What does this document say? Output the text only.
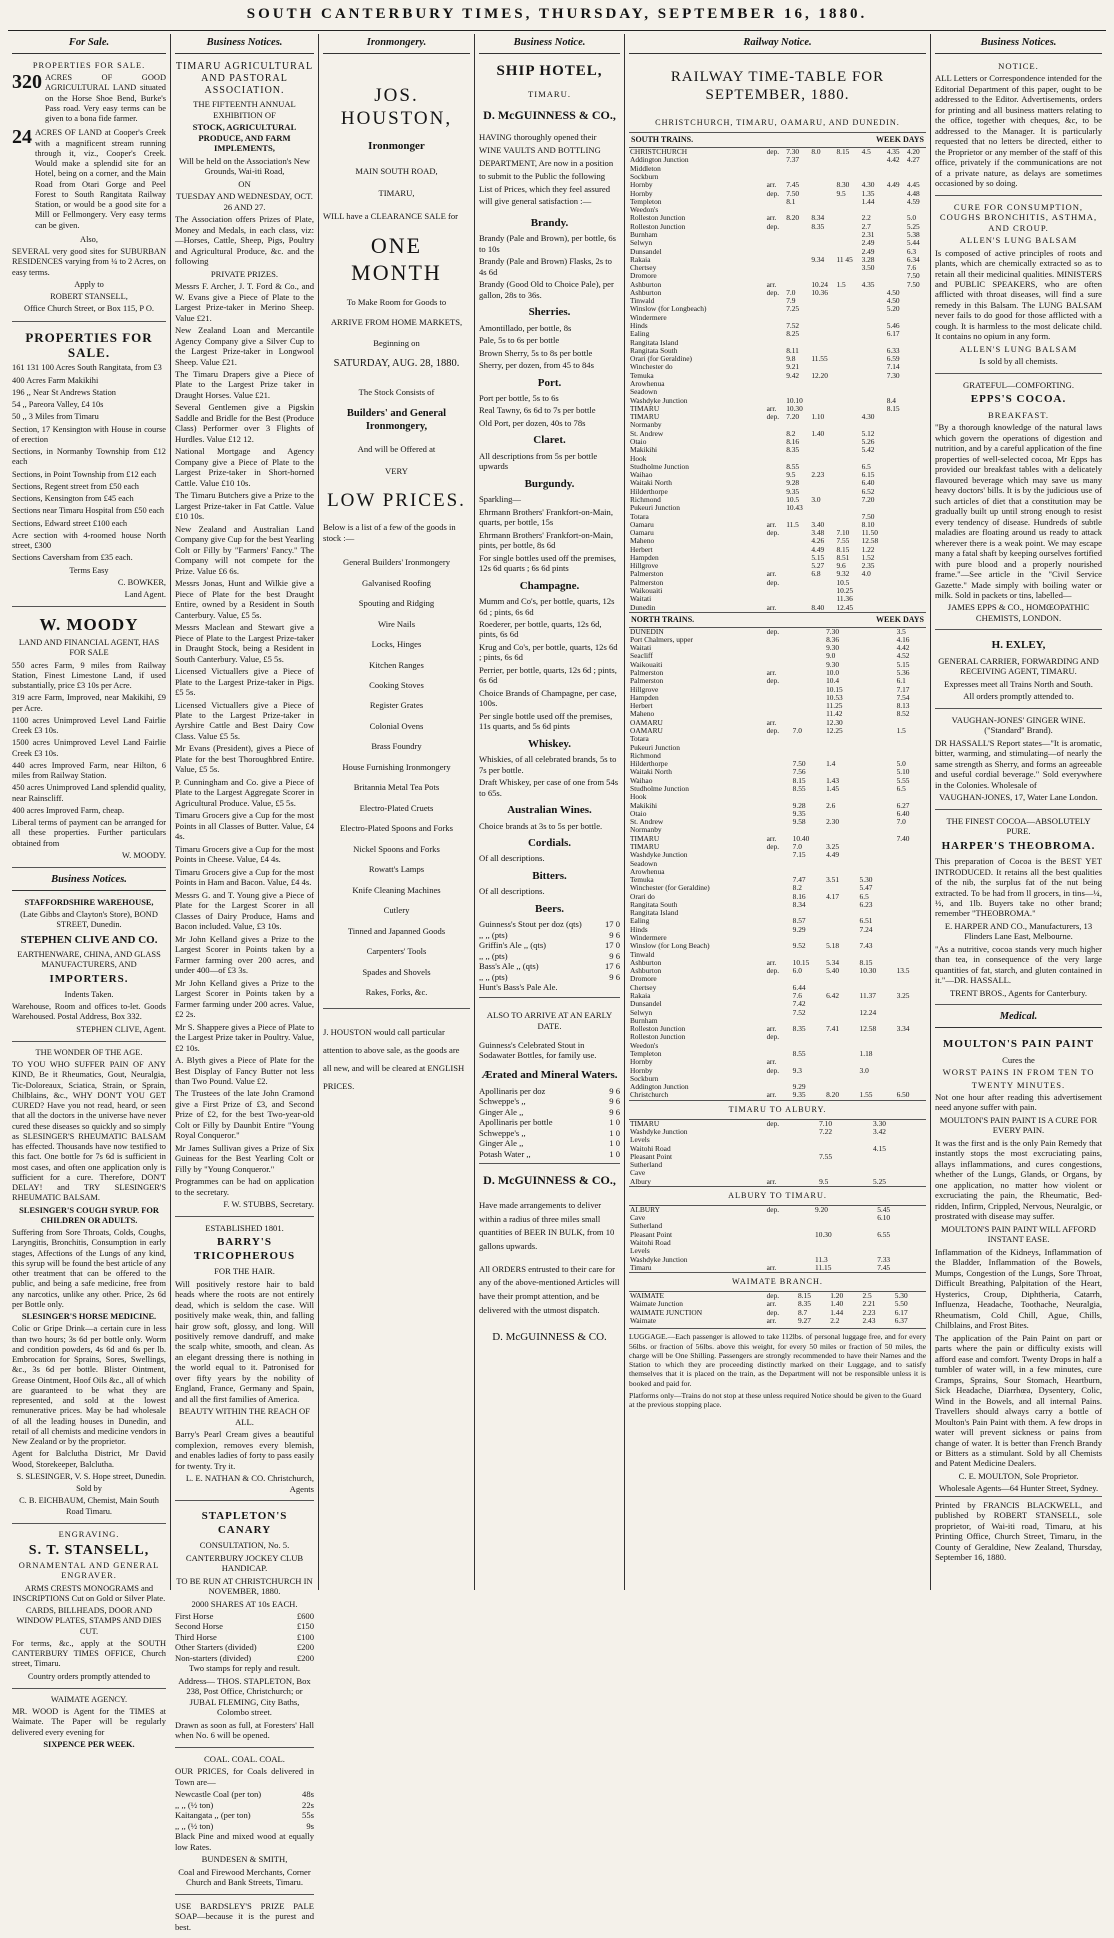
SOUTH CANTERBURY TIMES, THURSDAY, SEPTEMBER 16, 1880.
For Sale.
PROPERTIES FOR SALE.
320 ACRES OF GOOD AGRICULTURAL LAND situated on the Horse Shoe Bend, Burke's Pass road. Very easy terms can be given to a bona fide farmer.

24 ACRES OF LAND at Cooper's Creek with a magnificent stream running through it, viz., Cooper's Creek. Would make a splendid site for an Hotel, being on a corner, and the Main Road from Otari Gorge and Peel Forest to South Rangitata Railway Station, or would be a good site for a Mill or Fellmongery. Very easy terms can be given.

Also,

SEVERAL very good sites for SUBURBAN RESIDENCES varying from ¼ to 2 Acres, on easy terms.

Apply to

ROBERT STANSELL,

Office Church Street, or Box 115, P O.

PROPERTIES FOR SALE.

161 131 100 Acres South Rangitata, from £3

400 Acres Farm Makikihi

196 ,, Near St Andrews Station

54 ,, Pareora Valley, £4 10s

50 ,, 3 Miles from Timaru

Section, 17 Kensington with House in course of erection

Sections, in Normanby Township from £12 each

Sections, in Point Township from £12 each

Sections, Regent street from £50 each

Sections, Kensington from £45 each

Sections near Timaru Hospital from £50 each

Sections, Edward street £100 each

Acre section with 4-roomed house North street, £300

Sections Caversham from £35 each.

Terms Easy

C. BOWKER,

Land Agent.

W. MOODY

LAND AND FINANCIAL AGENT, HAS FOR SALE

550 acres Farm, 9 miles from Railway Station, Finest Limestone Land, if used substantially, price £3 10s per Acre.

319 acre Farm, Improved, near Makikihi, £9 per Acre.

1100 acres Unimproved Level Land Fairlie Creek £3 10s.

1500 acres Unimproved Level Land Fairlie Creek £3 10s.

440 acres Improved Farm, near Hilton, 6 miles from Railway Station.

450 acres Unimproved Land splendid quality, near Rainscliff.

400 acres Improved Farm, cheap.

Liberal terms of payment can be arranged for all these properties. Further particulars obtained from

W. MOODY.

Business Notices.

STAFFORDSHIRE WAREHOUSE,

(Late Gibbs and Clayton's Store), BOND STREET, Dunedin.

STEPHEN CLIVE AND CO.

EARTHENWARE, CHINA, AND GLASS MANUFACTURERS, AND

IMPORTERS.

Indents Taken.

Warehouse, Room and offices to-let. Goods Warehoused. Postal Address, Box 332.

STEPHEN CLIVE, Agent.

THE WONDER OF THE AGE.

TO YOU WHO SUFFER PAIN OF ANY KIND, Be it Rheumatics, Gout, Neuralgia, Tic-Doloreaux, Sciatica, Strain, or Sprain, Chilblains, &c., WHY DON'T YOU GET CURED? Have you not read, heard, or seen that all the doctors in the universe have never cured these diseases so quickly and so simply as SLESINGER'S RHEUMATIC BALSAM has effected. Thousands have now testified to this fact. One bottle for 7s 6d is sufficient in most cases, and often one application only is sufficient for a cure. Therefore, DON'T DELAY! and TRY SLESINGER'S RHEUMATIC BALSAM.

SLESINGER'S COUGH SYRUP. FOR CHILDREN OR ADULTS.

Suffering from Sore Throats, Colds, Coughs, Laryngitis, Bronchitis, Consumption in early stages, Affections of the Lungs of any kind, this syrup will be found the best article of any other treatment that can be offered to the public, and being a safe medicine, free from any narcotics, unlike any other. Price, 2s 6d per Bottle only.

SLESINGER'S HORSE MEDICINE.

Colic or Gripe Drink—a certain cure in less than two hours; 3s 6d per bottle only. Worm and condition powders, 4s 6d and 6s per lb. Embrocation for Sprains, Sores, Swellings, &c., 3s 6d per bottle. Blister Ointment, Grease Ointment, Hoof Oils &c., all of which are guaranteed to be what they are represented, and sold at the lowest remunerative prices. May be had wholesale of all the leading houses in Dunedin, and retail of all chemists and medicine vendors in New Zealand or by the proprietor.

Agent for Balclutha District, Mr David Wood, Storekeeper, Balclutha.

S. SLESINGER, V. S. Hope street, Dunedin.

Sold by

C. B. EICHBAUM, Chemist, Main South Road Timaru.

ENGRAVING.

S. T. STANSELL,

ORNAMENTAL AND GENERAL ENGRAVER.

ARMS CRESTS MONOGRAMS and INSCRIPTIONS Cut on Gold or Silver Plate.

CARDS, BILLHEADS, DOOR AND WINDOW PLATES, STAMPS AND DIES CUT.

For terms, &c., apply at the SOUTH CANTERBURY TIMES OFFICE, Church street, Timaru.

Country orders promptly attended to

WAIMATE AGENCY.

MR. WOOD is Agent for the TIMES at Waimate. The Paper will be regularly delivered every evening for

SIXPENCE PER WEEK.

Business Notices.

TIMARU AGRICULTURAL AND PASTORAL ASSOCIATION.

THE FIFTEENTH ANNUAL EXHIBITION OF

STOCK, AGRICULTURAL PRODUCE, AND FARM IMPLEMENTS,

Will be held on the Association's New Grounds, Wai-iti Road,

ON

TUESDAY AND WEDNESDAY, OCT. 26 AND 27.

The Association offers Prizes of Plate, Money and Medals, in each class, viz:—Horses, Cattle, Sheep, Pigs, Poultry and Agricultural Produce, &c. and the following

PRIVATE PRIZES.

Messrs F. Archer, J. T. Ford & Co., and W. Evans give a Piece of Plate to the Largest Prize-taker in Merino Sheep. Value £21.

New Zealand Loan and Mercantile Agency Company give a Silver Cup to the Largest Prize-taker in Longwool Sheep. Value £21.

The Timaru Drapers give a Piece of Plate to the Largest Prize taker in Draught Horses. Value £21.

Several Gentlemen give a Pigskin Saddle and Bridle for the Best (Produce Class) Performer over 3 Flights of Hurdles. Value £12 12.

National Mortgage and Agency Company give a Piece of Plate to the Largest Prize-taker in Short-horned Cattle. Value £10 10s.

The Timaru Butchers give a Prize to the Largest Prize-taker in Fat Cattle. Value £10 10s.

New Zealand and Australian Land Company give Cup for the best Yearling Colt or Filly by "Farmers' Fancy." The Company will not compete for the Prize. Value £6 6s.

Messrs Jonas, Hunt and Wilkie give a Piece of Plate for the best Draught Entire, owned by a Resident in South Canterbury. Value, £5 5s.

Messrs Maclean and Stewart give a Piece of Plate to the Largest Prize-taker in Draught Stock, being a Resident in South Canterbury. Value, £5 5s.

Licensed Victuallers give a Piece of Plate to the Largest Prize-taker in Pigs. £5 5s.

Licensed Victuallers give a Piece of Plate to the Largest Prize-taker in Ayrshire Cattle and Best Dairy Cow Class. Value £5 5s.

Mr Evans (President), gives a Piece of Plate for the best Thoroughbred Entire. Value, £5 5s.

P. Cunningham and Co. give a Piece of Plate to the Largest Aggregate Scorer in Agricultural Produce. Value, £5 5s.

Timaru Grocers give a Cup for the most Points in all Classes of Butter. Value, £4 4s.

Timaru Grocers give a Cup for the most Points in Cheese. Value, £4 4s.

Timaru Grocers give a Cup for the most Points in Ham and Bacon. Value, £4 4s.

Messrs G. and T. Young give a Piece of Plate for the Largest Scorer in all Classes of Dairy Produce, Hams and Bacon included. Value, £3 10s.

Mr John Kelland gives a Prize to the Largest Scorer in Points taken by a Farmer farming over 200 acres, and under 400—of £3 3s.

Mr John Kelland gives a Prize to the Largest Scorer in Points taken by a Farmer farming under 200 acres. Value, £2 2s.

Mr S. Shappere gives a Piece of Plate to the Largest Prize taker in Poultry. Value, £2 10s.

A. Blyth gives a Piece of Plate for the Best Display of Fancy Butter not less than Two Pound. Value £2.

The Trustees of the late John Cramond give a First Prize of £3, and Second Prize of £2, for the best Two-year-old Colt or Filly by Daunbit Entire "Young Royal Conqueror."

Mr James Sullivan gives a Prize of Six Guineas for the Best Yearling Colt or Filly by "Young Conqueror."

Programmes can be had on application to the secretary.

F. W. STUBBS, Secretary.

ESTABLISHED 1801.

BARRY'S TRICOPHEROUS

FOR THE HAIR.

Will positively restore hair to bald heads where the roots are not entirely dead, which is seldom the case. Will positively make weak, thin, and falling hair grow soft, glossy, and long. Will positively remove dandruff, and make the scalp white, smooth, and clean. As an elegant dressing there is nothing in the world equal to it. Patronised for over fifty years by the nobility of England, France, Germany and Spain, and all the first families of America.

BEAUTY WITHIN THE REACH OF ALL.

Barry's Pearl Cream gives a beautiful complexion, removes every blemish, and enables ladies of forty to pass easily for twenty. Try it.

L. E. NATHAN & CO. Christchurch, Agents

STAPLETON'S CANARY

CONSULTATION, No. 5.

CANTERBURY JOCKEY CLUB HANDICAP.

TO BE RUN AT CHRISTCHURCH IN NOVEMBER, 1880.

2000 SHARES AT 10s EACH.

First Horse	£600
Second Horse	£150
Third Horse	£100
Other Starters (divided)	£200
Non-starters (divided)	£200

Two stamps for reply and result.

Address— THOS. STAPLETON, Box 238, Post Office, Christchurch; or JUBAL FLEMING, City Baths, Colombo street.

Drawn as soon as full, at Foresters' Hall when No. 6 will be opened.

COAL. COAL. COAL.

OUR PRICES, for Coals delivered in Town are—

Newcastle Coal (per ton)	48s
,, ,, (½ ton)	22s
Kaitangata ,, (per ton)	55s
,, ,, (½ ton)	9s

Black Pine and mixed wood at equally low Rates.

BUNDESEN & SMITH,

Coal and Firewood Merchants, Corner Church and Bank Streets, Timaru.

USE BARDSLEY'S PRIZE PALE SOAP—because it is the purest and best.

Ironmongery.
JOS. HOUSTON,
Ironmonger

MAIN SOUTH ROAD,

TIMARU,

WILL have a CLEARANCE SALE for

ONE MONTH

To Make Room for Goods to

ARRIVE FROM HOME MARKETS,

Beginning on

SATURDAY, AUG. 28, 1880.

The Stock Consists of

Builders' and General Ironmongery,

And will be Offered at

VERY

LOW PRICES.

Below is a list of a few of the goods in stock :—

General Builders' Ironmongery
Galvanised Roofing
Spouting and Ridging
Wire Nails
Locks, Hinges
Kitchen Ranges
Cooking Stoves
Register Grates
Colonial Ovens
Brass Foundry
House Furnishing Ironmongery
Britannia Metal Tea Pots
Electro-Plated Cruets
Electro-Plated Spoons and Forks
Nickel Spoons and Forks
Rowatt's Lamps
Knife Cleaning Machines
Cutlery
Tinned and Japanned Goods
Carpenters' Tools
Spades and Shovels
Rakes, Forks, &c.

J. HOUSTON would call particular attention to above sale, as the goods are all new, and will be cleared at ENGLISH PRICES.

Business Notice.
SHIP HOTEL,

TIMARU.

D. McGUINNESS & CO.,

HAVING thoroughly opened their WINE VAULTS AND BOTTLING DEPARTMENT, Are now in a position to submit to the Public the following List of Prices, which they feel assured will give general satisfaction :—

Brandy.

Brandy (Pale and Brown), per bottle, 6s to 10s

Brandy (Pale and Brown) Flasks, 2s to 4s 6d

Brandy (Good Old to Choice Pale), per gallon, 28s to 36s.

Sherries.

Amontillado, per bottle, 8s

Pale, 5s to 6s per bottle

Brown Sherry, 5s to 8s per bottle

Sherry, per dozen, from 45 to 84s

Port.

Port per bottle, 5s to 6s

Real Tawny, 6s 6d to 7s per bottle

Old Port, per dozen, 40s to 78s

Claret.

All descriptions from 5s per bottle upwards

Burgundy.

Sparkling—

Ehrmann Brothers' Frankfort-on-Main, quarts, per bottle, 15s

Ehrmann Brothers' Frankfort-on-Main, pints, per bottle, 8s 6d

For single bottles used off the premises, 12s 6d quarts ; 6s 6d pints

Champagne.

Mumm and Co's, per bottle, quarts, 12s 6d ; pints, 6s 6d

Roederer, per bottle, quarts, 12s 6d, pints, 6s 6d

Krug and Co's, per bottle, quarts, 12s 6d ; pints, 6s 6d

Perrier, per bottle, quarts, 12s 6d ; pints, 6s 6d

Choice Brands of Champagne, per case, 100s.

Per single bottle used off the premises, 11s quarts, and 5s 6d pints

Whiskey.

Whiskies, of all celebrated brands, 5s to 7s per bottle.

Draft Whiskey, per case of one from 54s to 65s.

Australian Wines.

Choice brands at 3s to 5s per bottle.

Cordials.

Of all descriptions.

Bitters.

Of all descriptions.

Beers.
Guinness's Stout per doz (qts)	17 0
,, ,, (pts)	9 6
Griffin's Ale ,, (qts)	17 0
,, ,, (pts)	9 6
Bass's Ale ,, (qts)	17 6
,, ,, (pts)	9 6
Hunt's Bass's Pale Ale.

ALSO TO ARRIVE AT AN EARLY DATE.

Guinness's Celebrated Stout in Sodawater Bottles, for family use.

Ærated and Mineral Waters.
Apollinaris per doz	9 6
Schweppe's ,,	9 6
Ginger Ale ,,	9 6
Apollinaris per bottle	1 0
Schweppe's ,,	1 0
Ginger Ale ,,	1 0
Potash Water ,,	1 0
D. McGUINNESS & CO.,

Have made arrangements to deliver within a radius of three miles small quantities of BEER IN BULK, from 10 gallons upwards.

All ORDERS entrusted to their care for any of the above-mentioned Articles will have their prompt attention, and be delivered with the utmost dispatch.

D. McGUINNESS & CO.

Railway Notice.
RAILWAY TIME-TABLE FOR SEPTEMBER, 1880.
CHRISTCHURCH, TIMARU, OAMARU, AND DUNEDIN.
SOUTH TRAINS.	WEEK DAYS
CHRISTCHURCH	dep.	7.30	8.0	8.15	4.5	4.35	4.20
Addington Junction		7.37				4.42	4.27
Middleton							
Sockburn							
Hornby	arr.	7.45		8.30	4.30	4.49	4.45
Hornby	dep.	7.50		9.5	1.35		4.48
Templeton		8.1			1.44		4.59
Weedon's							
Rolleston Junction	arr.	8.20	8.34		2.2		5.0
Rolleston Junction	dep.		8.35		2.7		5.25
Burnham					2.31		5.38
Selwyn					2.49		5.44
Dunsandel					2.49		6.3
Rakaia			9.34	11 45	3.28		6.34
Chertsey					3.50		7.6
Dromore							7.50
Ashburton	arr.		10.24	1.5	4.35		7.50
Ashburton	dep.	7.0	10.36			4.50	
Tinwald		7.9				4.50	
Winslow (for Longbeach)		7.25				5.20	
Windermere							
Hinds		7.52				5.46	
Ealing		8.25				6.17	
Rangitata Island							
Rangitata South		8.11				6.33	
Orari (for Geraldine)		9.8	11.55			6.59	
Winchester do		9.21				7.14	
Temuka		9.42	12.20			7.30	
Arowhenua							
Seadown							
Washdyke Junction		10.10				8.4	
TIMARU	arr.	10.30				8.15	
TIMARU	dep.	7.20	1.10		4.30		
Normanby							
St. Andrew		8.2	1.40		5.12		
Otaio		8.16			5.26		
Makikihi		8.35			5.42		
Hook							
Studholme Junction		8.55			6.5		
Waihao		9.5	2.23		6.15		
Waitaki North		9.28			6.40		
Hilderthorpe		9.35			6.52		
Richmond		10.5	3.0		7.20		
Pukeuri Junction		10.43					
Totara					7.50		
Oamaru	arr.	11.5	3.40		8.10		
Oamaru	dep.		3.48	7.10	11.50		
Maheno			4.26	7.55	12.58		
Herbert			4.49	8.15	1.22		
Hampden			5.15	8.51	1.52		
Hillgrove			5.27	9.6	2.35		
Palmerston	arr.		6.8	9.32	4.0		
Palmerston	dep.			10.5			
Waikouaiti				10.25			
Waitati				11.36			
Dunedin	arr.		8.40	12.45			
NORTH TRAINS.	WEEK DAYS
DUNEDIN	dep.		7.30			3.5	
Port Chalmers, upper			8.36			4.16	
Waitati			9.30			4.42	
Seacliff			9.0			4.52	
Waikouaiti			9.30			5.15	
Palmerston	arr.		10.0			5.36	
Palmerston	dep.		10.4			6.1	
Hillgrove			10.15			7.17	
Hampden			10.53			7.54	
Herbert			11.25			8.13	
Maheno			11.42			8.52	
OAMARU	arr.		12.30				
OAMARU	dep.	7.0	12.25			1.5	
Totara							
Pukeuri Junction							
Richmond							
Hilderthorpe		7.50	1.4			5.0	
Waitaki North		7.56				5.10	
Waihao		8.15	1.43			5.55	
Studholme Junction		8.55	1.45			6.5	
Hook							
Makikihi		9.28	2.6			6.27	
Otaio		9.35				6.40	
St. Andrew		9.58	2.30			7.0	
Normanby							
TIMARU	arr.	10.40				7.40	
TIMARU	dep.	7.0	3.25				
Washdyke Junction		7.15	4.49				
Seadown							
Arowhenua							
Temuka		7.47	3.51	5.30			
Winchester (for Geraldine)		8.2		5.47			
Orari do		8.16	4.17	6.5			
Rangitata South		8.34		6.23			
Rangitata Island							
Ealing		8.57		6.51			
Hinds		9.29		7.24			
Windermere							
Winslow (for Long Beach)		9.52	5.18	7.43			
Tinwald							
Ashburton	arr.	10.15	5.34	8.15			
Ashburton	dep.	6.0	5.40	10.30		13.5	
Dromore							
Chertsey		6.44					
Rakaia		7.6	6.42	11.37		3.25	
Dunsandel		7.42					
Selwyn		7.52		12.24			
Burnham							
Rolleston Junction	arr.	8.35	7.41	12.58		3.34	
Rolleston Junction	dep.						
Weedon's							
Templeton		8.55		1.18			
Hornby	arr.						
Hornby	dep.	9.3		3.0			
Sockburn							
Addington Junction		9.29					
Christchurch	arr.	9.35	8.20	1.55		6.50	
TIMARU TO ALBURY.
TIMARU	dep.	7.10	3.30
Washdyke Junction		7.22	3.42
Levels			
Waitohi Road			4.15
Pleasant Point		7.55	
Sutherland			
Cave			
Albury	arr.	9.5	5.25
ALBURY TO TIMARU.
ALBURY	dep.	9.20	5.45
Cave			6.10
Sutherland			
Pleasant Point		10.30	6.55
Waitohi Road			
Levels			
Washdyke Junction		11.3	7.33
Timaru	arr.	11.15	7.45
WAIMATE BRANCH.
WAIMATE	dep.	8.15	1.20	2.5	5.30
Waimate Junction	arr.	8.35	1.40	2.21	5.50
WAIMATE JUNCTION	dep.	8.7	1.44	2.23	6.17
Waimate	arr.	9.27	2.2	2.43	6.37

LUGGAGE.—Each passenger is allowed to take 112lbs. of personal luggage free, and for every 56lbs. or fraction of 56lbs. above this weight, for every 50 miles or fraction of 50 miles, the charge will be One Shilling. Passengers are strongly recommended to have their Names and the Station to which they are proceeding distinctly marked on their Luggage, and to satisfy themselves that it is placed on the train, as the Department will not be responsible unless it is booked and paid for.

Platforms only—Trains do not stop at these unless required Notice should be given to the Guard at the previous stopping place.

Business Notices.

NOTICE.

ALL Letters or Correspondence intended for the Editorial Department of this paper, ought to be addressed to the Editor. Advertisements, orders for printing and all business matters relating to the office, together with cheques, &c, to be addressed to the Manager. It is particularly requested that no letters be directed, either to the Proprietor or any member of the staff of this office, privately if the communications are not of a private nature, as delays are sometimes occasioned by so doing.

CURE FOR CONSUMPTION, COUGHS BRONCHITIS, ASTHMA, AND CROUP.

ALLEN'S LUNG BALSAM

Is composed of active principles of roots and plants, which are chemically extracted so as to retain all their medicinal qualities. MINISTERS and PUBLIC SPEAKERS, who are often afflicted with throat diseases, will find a sure remedy in this Balsam. The LUNG BALSAM never fails to do good for those afflicted with a cough. It is harmless to the most delicate child. It contains no opium in any form.

ALLEN'S LUNG BALSAM

Is sold by all chemists.

GRATEFUL—COMFORTING.

EPPS'S COCOA.

BREAKFAST.

"By a thorough knowledge of the natural laws which govern the operations of digestion and nutrition, and by a careful application of the fine properties of well-selected cocoa, Mr Epps has provided our breakfast tables with a delicately flavoured beverage which may save us many heavy doctors' bills. It is by the judicious use of such articles of diet that a constitution may be gradually built up until strong enough to resist every tendency of disease. Hundreds of subtle maladies are floating around us ready to attack wherever there is a weak point. We may escape many a fatal shaft by keeping ourselves fortified with pure blood and a properly nourished frame."—See article in the "Civil Service Gazette." Made simply with boiling water or milk. Sold in packets or tins, labelled—

JAMES EPPS & CO., HOMŒOPATHIC CHEMISTS, LONDON.

H. EXLEY,

GENERAL CARRIER, FORWARDING AND RECEIVING AGENT, TIMARU.

Expresses meet all Trains North and South.

All orders promptly attended to.

VAUGHAN-JONES' GINGER WINE. ("Standard" Brand).

DR HASSALL'S Report states—"It is aromatic, bitter, warming, and stimulating—of nearly the same strength as Sherry, and forms an agreeable and useful cordial beverage." Sold everywhere in the Colonies. Wholesale of

VAUGHAN-JONES, 17, Water Lane London.

THE FINEST COCOA—ABSOLUTELY PURE.

HARPER'S THEOBROMA.

This preparation of Cocoa is the BEST YET INTRODUCED. It retains all the best qualities of the nib, the surplus fat of the nut being extracted. To be had from ll grocers, in tins—¼, ½, and 1lb. Buyers take no other brand; remember "THEOBROMA."

E. HARPER AND CO., Manufacturers, 13 Flinders Lane East, Melbourne.

"As a nutritive, cocoa stands very much higher than tea, in consequence of the very large quantities of fat, starch, and gluten contained in it."—DR. HASSALL.

TRENT BROS., Agents for Canterbury.

Medical.
MOULTON'S PAIN PAINT

Cures the

WORST PAINS IN FROM TEN TO

TWENTY MINUTES.

Not one hour after reading this advertisement need anyone suffer with pain.

MOULTON'S PAIN PAINT IS A CURE FOR EVERY PAIN.

It was the first and is the only Pain Remedy that instantly stops the most excruciating pains, allays inflammations, and cures congestions, whether of the Lungs, Glands, or Organs, by one application, no matter how violent or excruciating the pain, the Rheumatic, Bed-ridden, Infirm, Crippled, Nervous, Neuralgic, or prostrated with disease may suffer.

MOULTON'S PAIN PAINT WILL AFFORD INSTANT EASE.

Inflammation of the Kidneys, Inflammation of the Bladder, Inflammation of the Bowels, Mumps, Congestion of the Lungs, Sore Throat, Difficult Breathing, Palpitation of the Heart, Hysterics, Croup, Diphtheria, Catarrh, Influenza, Headache, Toothache, Neuralgia, Rheumatism, Cold Chill, Ague, Chills, Chilblains, and Frost Bites.

The application of the Pain Paint on part or parts where the pain or difficulty exists will afford ease and comfort. Twenty Drops in half a tumbler of water will, in a few minutes, cure Cramps, Sprains, Sour Stomach, Heartburn, Sick Headache, Diarrhœa, Dysentery, Colic, Wind in the Bowels, and all internal Pains. Travellers should always carry a bottle of Moulton's Pain Paint with them. A few drops in water will prevent sickness or pains from change of water. It is better than French Brandy or Bitters as a stimulant. Sold by all Chemists and Patent Medicine Dealers.

C. E. MOULTON, Sole Proprietor.

Wholesale Agents—64 Hunter Street, Sydney.

Printed by FRANCIS BLACKWELL, and published by ROBERT STANSELL, sole proprietor, of Wai-iti road, Timaru, at his Printing Office, Church Street, Timaru, in the County of Geraldine, New Zealand, Thursday, September 16, 1880.
